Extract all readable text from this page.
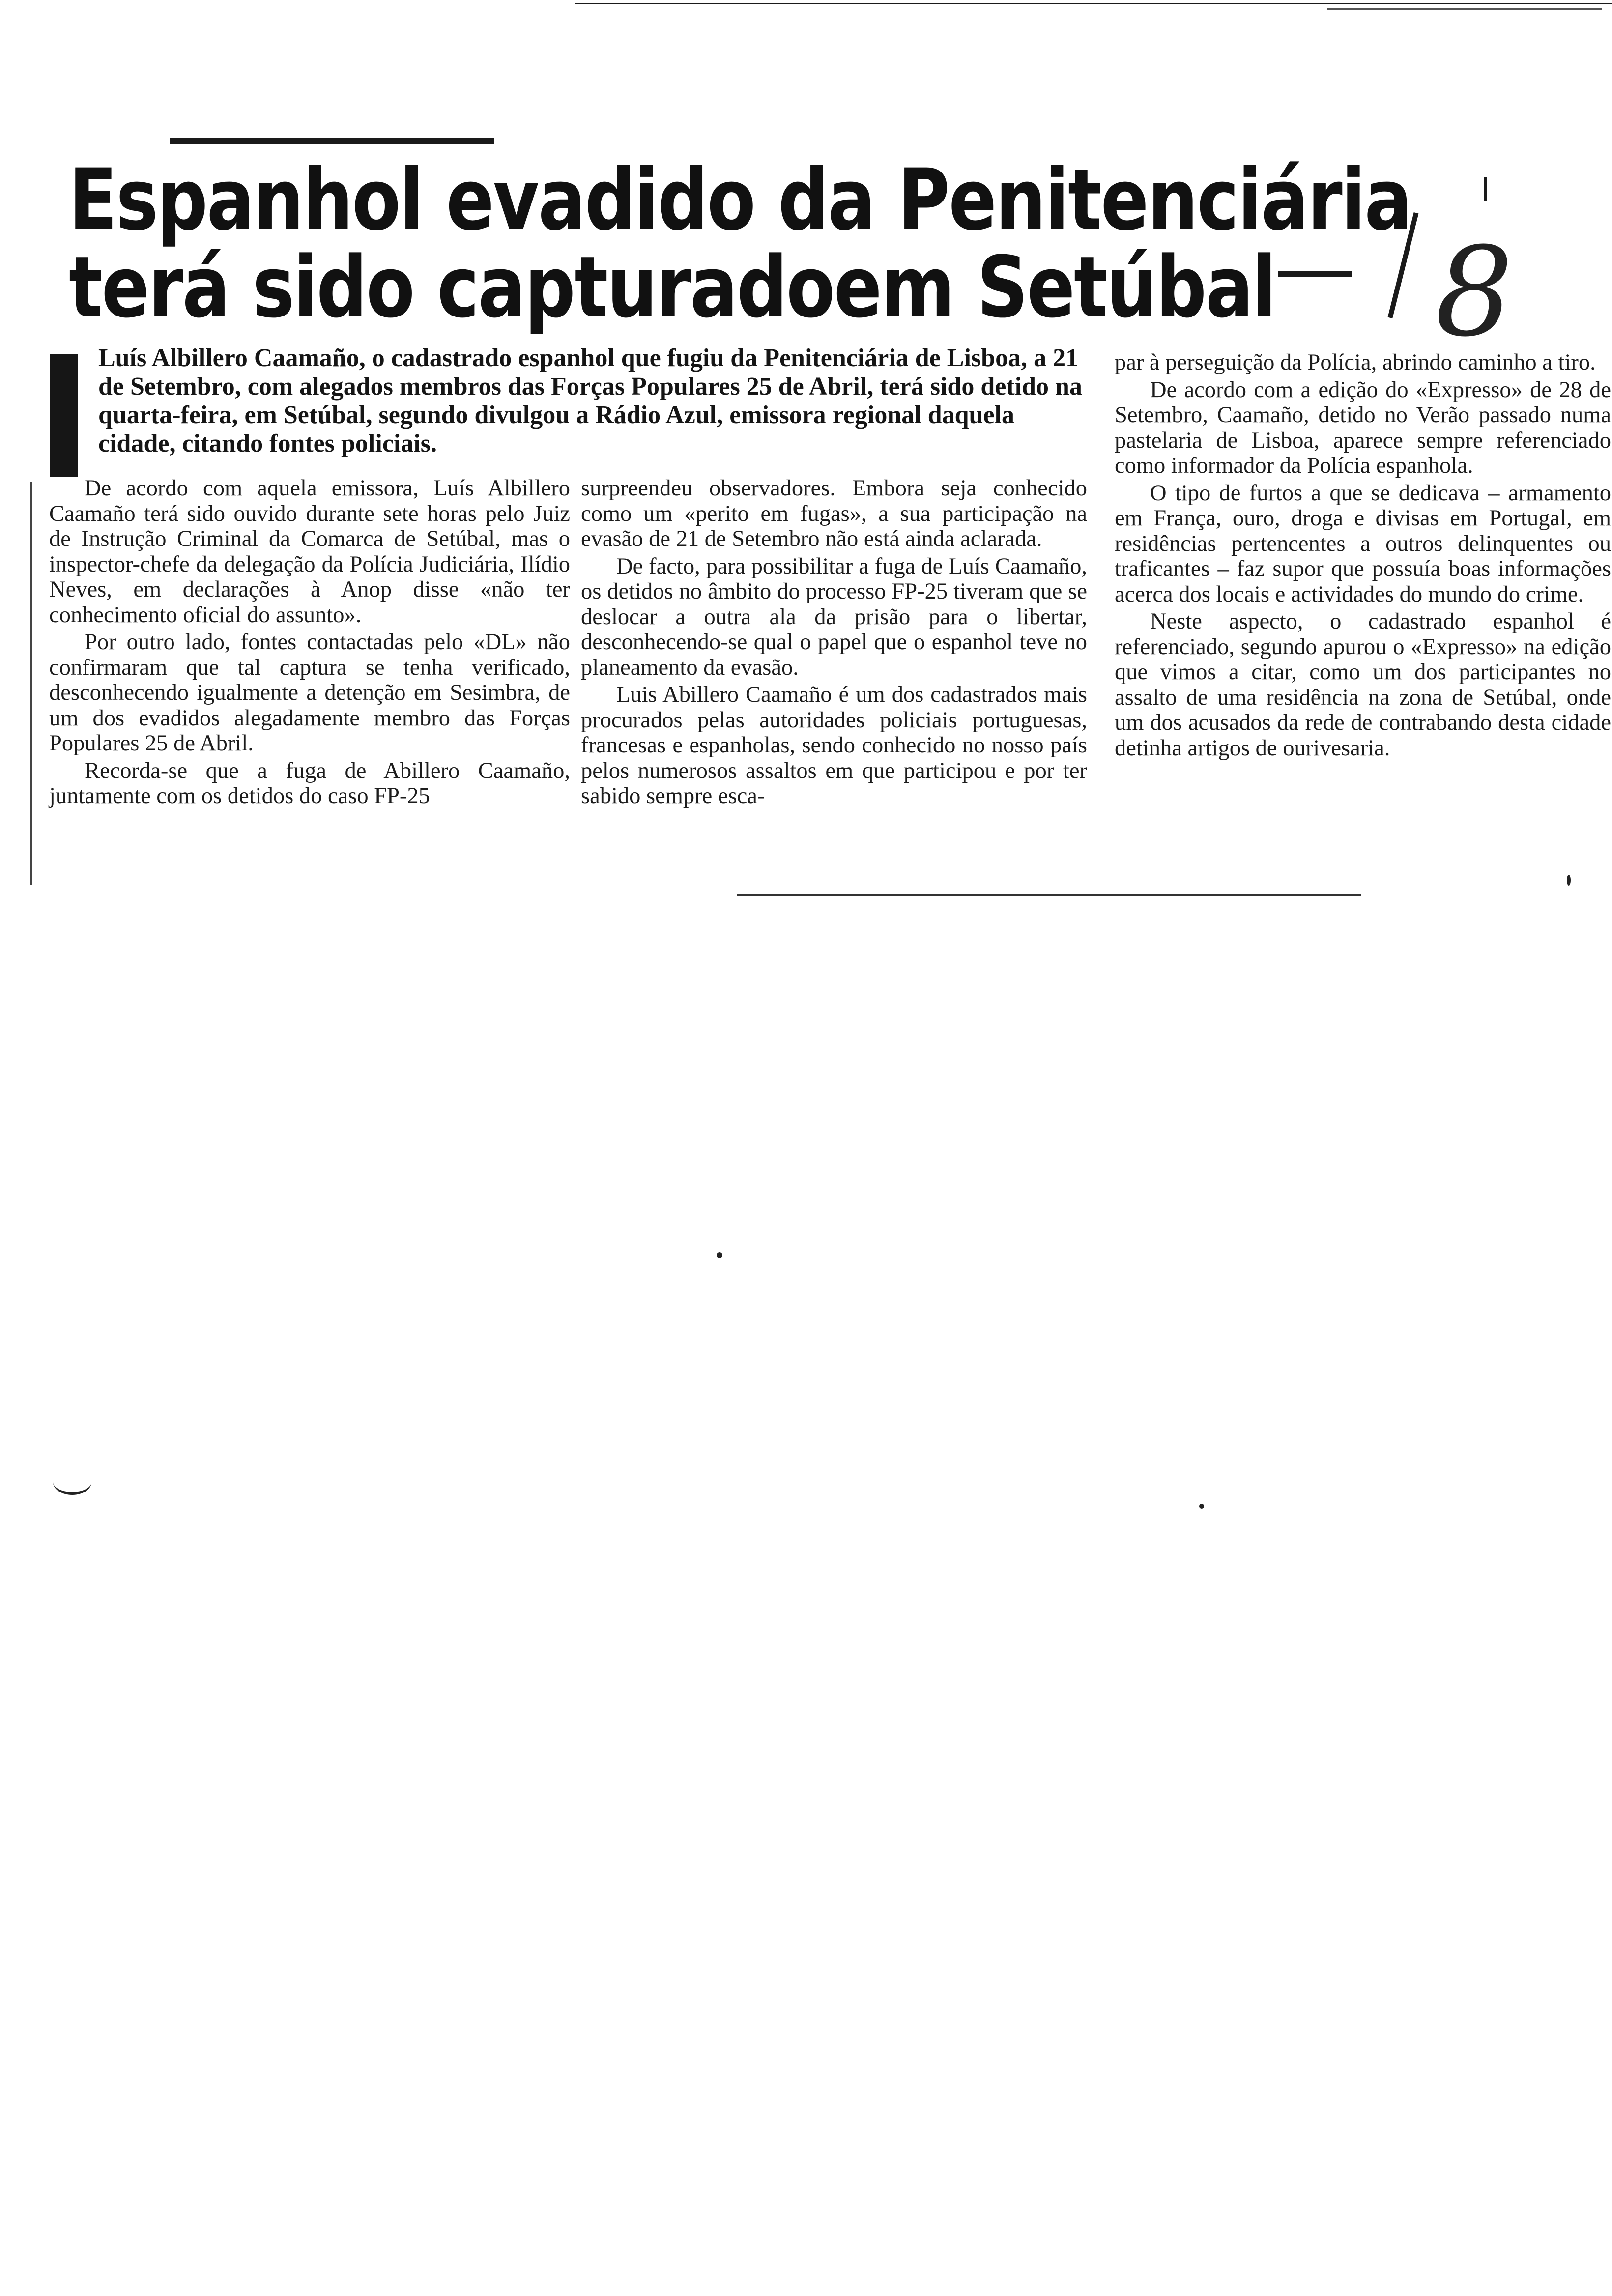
Espanhol evadido da Penitenciária
terá sido capturadoem Setúbal 8

Luís Albillero Caamaño, o cadastrado espanhol que fugiu da Penitenciária de Lisboa, a 21 de Setembro, com alegados membros das Forças Populares 25 de Abril, terá sido detido na quarta-feira, em Setúbal, segundo divulgou a Rádio Azul, emissora regional daquela cidade, citando fontes policiais.

De acordo com aquela emissora, Luís Albillero Caamaño terá sido ouvido durante sete horas pelo Juiz de Instrução Criminal da Comarca de Setúbal, mas o inspector-chefe da delegação da Polícia Judiciária, Ilídio Neves, em declarações à Anop disse «não ter conhecimento oficial do assunto».

Por outro lado, fontes contactadas pelo «DL» não confirmaram que tal captura se tenha verificado, desconhecendo igualmente a detenção em Sesimbra, de um dos evadidos alegadamente membro das Forças Populares 25 de Abril.

Recorda-se que a fuga de Abillero Caamaño, juntamente com os detidos do caso FP-25

surpreendeu observadores. Embora seja conhecido como um «perito em fugas», a sua participação na evasão de 21 de Setembro não está ainda aclarada.

De facto, para possibilitar a fuga de Luís Caamaño, os detidos no âmbito do processo FP-25 tiveram que se deslocar a outra ala da prisão para o libertar, desconhecendo-se qual o papel que o espanhol teve no planeamento da evasão.

Luis Abillero Caamaño é um dos cadastrados mais procurados pelas autoridades policiais portuguesas, francesas e espanholas, sendo conhecido no nosso país pelos numerosos assaltos em que participou e por ter sabido sempre esca-

par à perseguição da Polícia, abrindo caminho a tiro.

De acordo com a edição do «Expresso» de 28 de Setembro, Caamaño, detido no Verão passado numa pastelaria de Lisboa, aparece sempre referenciado como informador da Polícia espanhola.

O tipo de furtos a que se dedicava – armamento em França, ouro, droga e divisas em Portugal, em residências pertencentes a outros delinquentes ou traficantes – faz supor que possuía boas informações acerca dos locais e actividades do mundo do crime.

Neste aspecto, o cadastrado espanhol é referenciado, segundo apurou o «Expresso» na edição que vimos a citar, como um dos participantes no assalto de uma residência na zona de Setúbal, onde um dos acusados da rede de contrabando desta cidade detinha artigos de ourivesaria.
